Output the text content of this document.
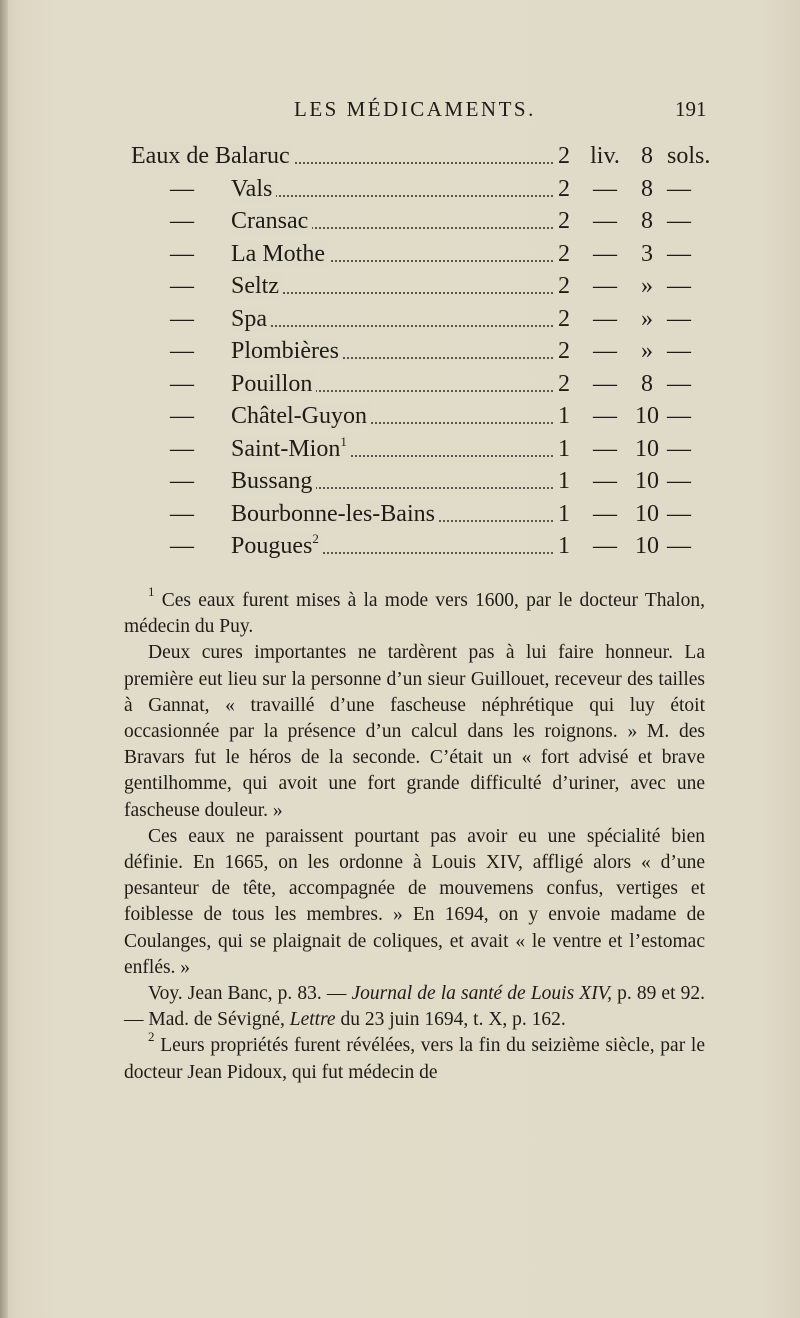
LES MÉDICAMENTS.	191
Eaux de Balaruc	2 liv. 8 sols.
— Vals	2 —	8 —
— Cransac	2 —	8 —
— La Mothe	2 —	3 —
— Seltz	2 —	» —
— Spa	2 —	» —
— Plombières	2 —	» —
— Pouillon	2 —	8 —
— Châtel-Guyon	1 — 10 —
— Saint-Mion$^1$	1 — 10 —
— Bussang	1 — 10 —
— Bourbonne-les-Bains	1 — 10 —
— Pougues$^2$	1 — 10 —

$^1$ Ces eaux furent mises à la mode vers 1600, par le docteur Thalon, médecin du Puy.

Deux cures importantes ne tardèrent pas à lui faire honneur. La première eut lieu sur la personne d’un sieur Guillouet, receveur des tailles à Gannat, « travaillé d’une fascheuse néphrétique qui luy étoit occasionnée par la présence d’un calcul dans les roignons. » M. des Bravars fut le héros de la seconde. C’était un « fort advisé et brave gentilhomme, qui avoit une fort grande difficulté d’uriner, avec une fascheuse douleur. »

Ces eaux ne paraissent pourtant pas avoir eu une spécialité bien définie. En 1665, on les ordonne à Louis XIV, affligé alors « d’une pesanteur de tête, accompagnée de mouvemens confus, vertiges et foiblesse de tous les membres. » En 1694, on y envoie madame de Coulanges, qui se plaignait de coliques, et avait « le ventre et l’estomac enflés. »

Voy. Jean Banc, p. 83. — Journal de la santé de Louis XIV, p. 89 et 92. — Mad. de Sévigné, Lettre du 23 juin 1694, t. X, p. 162.

$^2$ Leurs propriétés furent révélées, vers la fin du seizième siècle, par le docteur Jean Pidoux, qui fut médecin de
